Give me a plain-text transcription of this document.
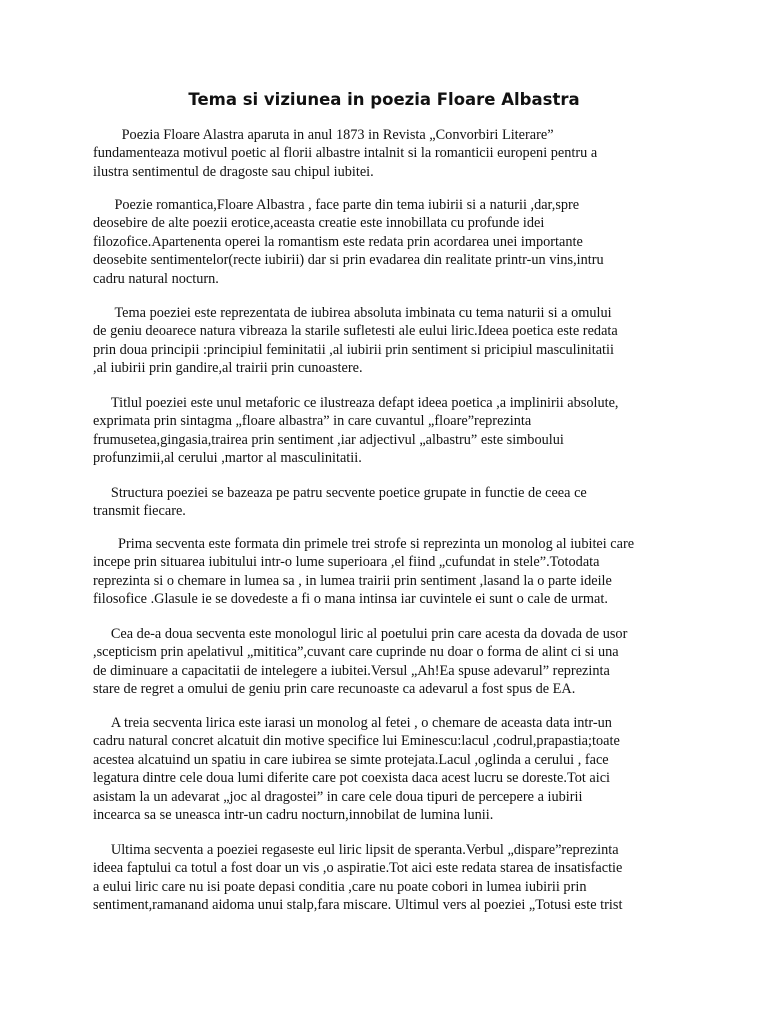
Tema si viziunea in poezia Floare Albastra

Poezia Floare Alastra aparuta in anul 1873 in Revista „Convorbiri Literare”
fundamenteaza motivul poetic al florii albastre intalnit si la romanticii europeni pentru a
ilustra sentimentul de dragoste sau chipul iubitei.

Poezie romantica,Floare Albastra , face parte din tema iubirii si a naturii ,dar,spre
deosebire de alte poezii erotice,aceasta creatie este innobillata cu profunde idei
filozofice.Apartenenta operei la romantism este redata prin acordarea unei importante
deosebite sentimentelor(recte iubirii) dar si prin evadarea din realitate printr-un vins,intru
cadru natural nocturn.

Tema poeziei este reprezentata de iubirea absoluta imbinata cu tema naturii si a omului
de geniu deoarece natura vibreaza la starile sufletesti ale eului liric.Ideea poetica este redata
prin doua principii :principiul feminitatii ,al iubirii prin sentiment si pricipiul masculinitatii
,al iubirii prin gandire,al trairii prin cunoastere.

Titlul poeziei este unul metaforic ce ilustreaza defapt ideea poetica ,a implinirii absolute,
exprimata prin sintagma „floare albastra” in care cuvantul „floare”reprezinta
frumusetea,gingasia,trairea prin sentiment ,iar adjectivul „albastru” este simboului
profunzimii,al cerului ,martor al masculinitatii.

Structura poeziei se bazeaza pe patru secvente poetice grupate in functie de ceea ce
transmit fiecare.

Prima secventa este formata din primele trei strofe si reprezinta un monolog al iubitei care
incepe prin situarea iubitului intr-o lume superioara ,el fiind „cufundat in stele”.Totodata
reprezinta si o chemare in lumea sa , in lumea trairii prin sentiment ,lasand la o parte ideile
filosofice .Glasule ie se dovedeste a fi o mana intinsa iar cuvintele ei sunt o cale de urmat.

Cea de-a doua secventa este monologul liric al poetului prin care acesta da dovada de usor
,scepticism prin apelativul „mititica”,cuvant care cuprinde nu doar o forma de alint ci si una
de diminuare a capacitatii de intelegere a iubitei.Versul „Ah!Ea spuse adevarul” reprezinta
stare de regret a omului de geniu prin care recunoaste ca adevarul a fost spus de EA.

A treia secventa lirica este iarasi un monolog al fetei , o chemare de aceasta data intr-un
cadru natural concret alcatuit din motive specifice lui Eminescu:lacul ,codrul,prapastia;toate
acestea alcatuind un spatiu in care iubirea se simte protejata.Lacul ,oglinda a cerului , face
legatura dintre cele doua lumi diferite care pot coexista daca acest lucru se doreste.Tot aici
asistam la un adevarat „joc al dragostei” in care cele doua tipuri de percepere a iubirii
incearca sa se uneasca intr-un cadru nocturn,innobilat de lumina lunii.

Ultima secventa a poeziei regaseste eul liric lipsit de speranta.Verbul „dispare”reprezinta
ideea faptului ca totul a fost doar un vis ,o aspiratie.Tot aici este redata starea de insatisfactie
a eului liric care nu isi poate depasi conditia ,care nu poate cobori in lumea iubirii prin
sentiment,ramanand aidoma unui stalp,fara miscare. Ultimul vers al poeziei „Totusi este trist
